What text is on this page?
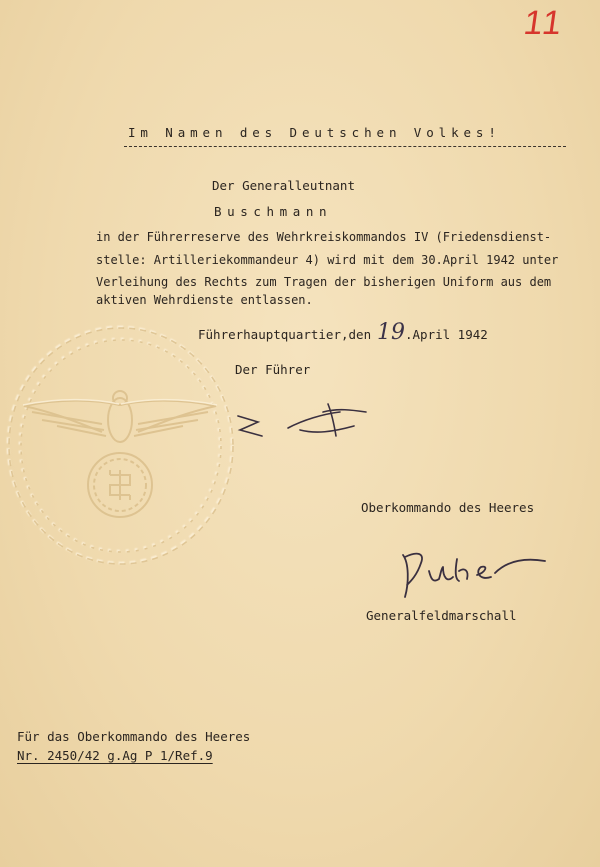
11
Im Namen des Deutschen Volkes!
Der Generalleutnant
Buschmann
in der Führerreserve des Wehrkreiskommandos IV (Friedensdienst-
stelle: Artilleriekommandeur 4) wird mit dem 30.April 1942 unter
Verleihung des Rechts zum Tragen der bisherigen Uniform aus dem
aktiven Wehrdienste entlassen.
Führerhauptquartier,den 19 .April 1942
Der Führer
Oberkommando des Heeres
Generalfeldmarschall
Für das Oberkommando des Heeres
Nr. 2450/42 g.Ag P 1/Ref.9
